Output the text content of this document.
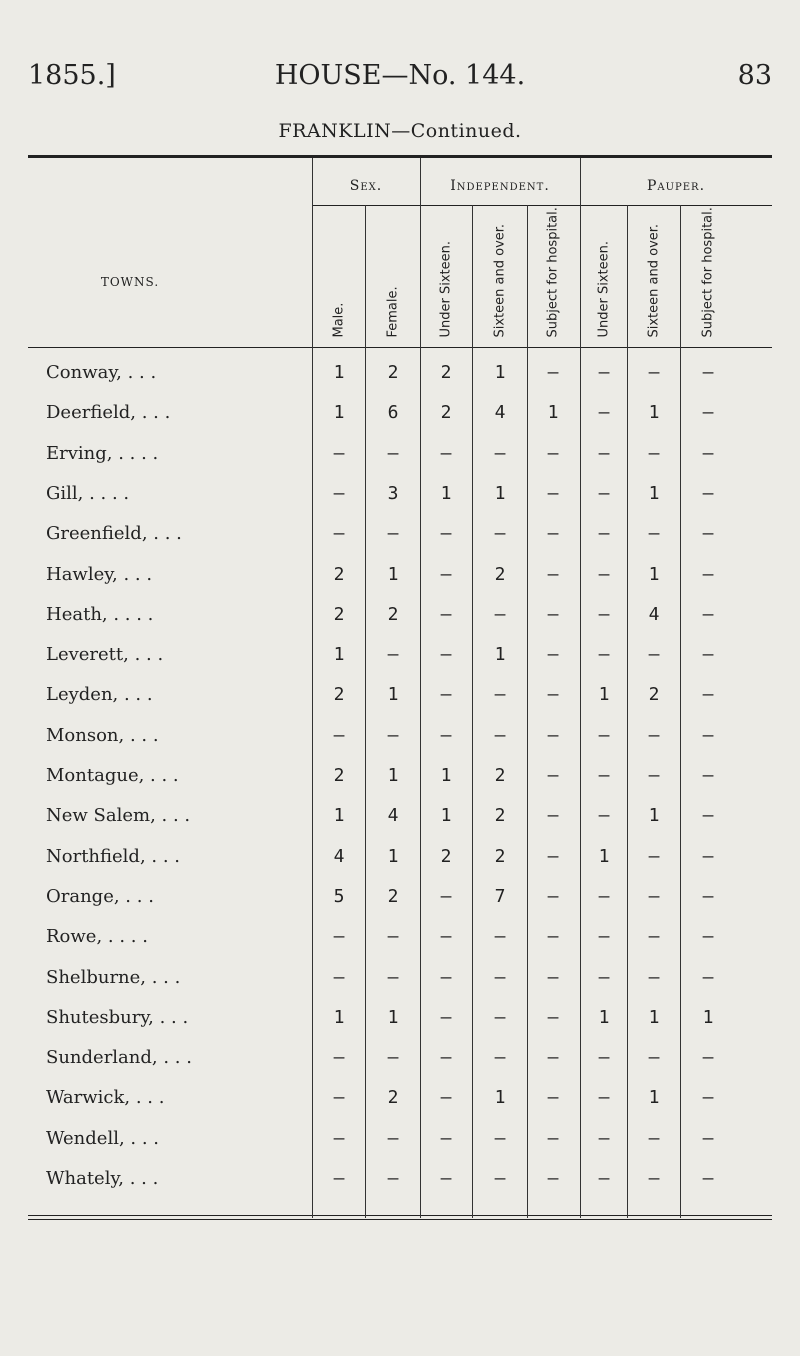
1855.]	HOUSE—No. 144.	83
FRANKLIN—Continued.
Sex.	Independent.	Pauper.
TOWNS.
Male.	Female.	Under Sixteen.	Sixteen and over.	Subject for hospital.	Under Sixteen.	Sixteen and over.	Subject for hospital.
Conway, . . .	1	2	2	1	–	–	–	–
Deerfield, . . .	1	6	2	4	1	–	1	–
Erving, . . . .	–	–	–	–	–	–	–	–
Gill, . . . .	–	3	1	1	–	–	1	–
Greenfield, . . .	–	–	–	–	–	–	–	–
Hawley, . . .	2	1	–	2	–	–	1	–
Heath, . . . .	2	2	–	–	–	–	4	–
Leverett, . . .	1	–	–	1	–	–	–	–
Leyden, . . .	2	1	–	–	–	1	2	–
Monson, . . .	–	–	–	–	–	–	–	–
Montague, . . .	2	1	1	2	–	–	–	–
New Salem, . . .	1	4	1	2	–	–	1	–
Northfield, . . .	4	1	2	2	–	1	–	–
Orange, . . .	5	2	–	7	–	–	–	–
Rowe, . . . .	–	–	–	–	–	–	–	–
Shelburne, . . .	–	–	–	–	–	–	–	–
Shutesbury, . . .	1	1	–	–	–	1	1	1
Sunderland, . . .	–	–	–	–	–	–	–	–
Warwick, . . .	–	2	–	1	–	–	1	–
Wendell, . . .	–	–	–	–	–	–	–	–
Whately, . . .	–	–	–	–	–	–	–	–
